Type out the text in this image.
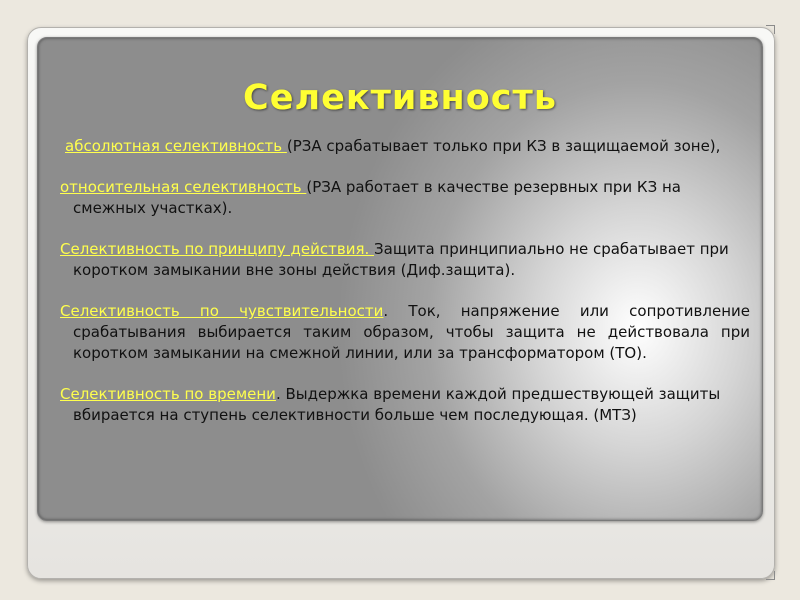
Селективность
абсолютная селективность (РЗА срабатывает только при КЗ в защищаемой зоне),
относительная селективность (РЗА работает в качестве резервных при КЗ на смежных участках).
Селективность по принципу действия. Защита принципиально не срабатывает при коротком замыкании вне зоны действия (Диф.защита).
Селективность по чувствительности. Ток, напряжение или сопротивление срабатывания выбирается таким образом, чтобы защита не действовала при коротком замыкании на смежной линии, или за трансформатором (ТО).
Селективность по времени. Выдержка времени каждой предшествующей защиты вбирается на ступень селективности больше чем последующая. (МТЗ)
